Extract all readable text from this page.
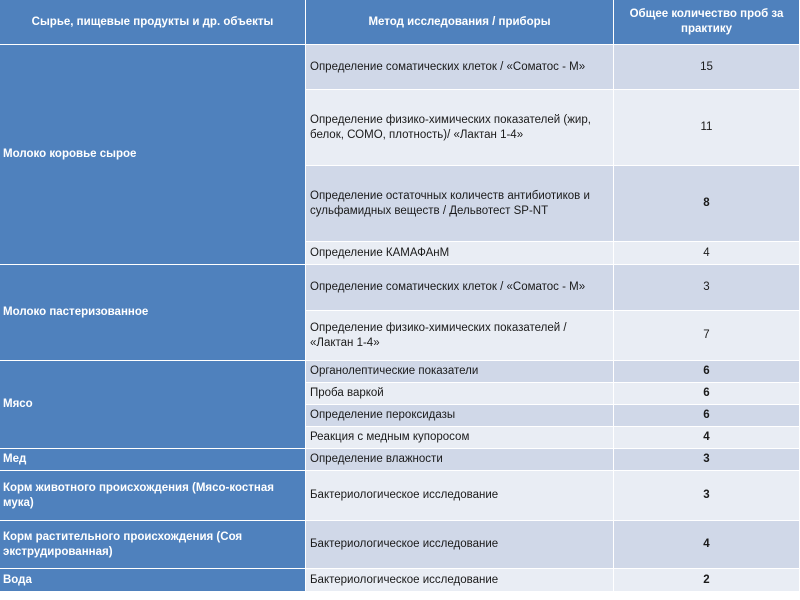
Сырье, пищевые продукты и др. объекты	Метод исследования / приборы	Общее количество проб за практику
Молоко коровье сырое	Определение соматических клеток / «Соматос - М»	15
	Определение физико-химических показателей (жир, белок, СОМО, плотность)/ «Лактан 1-4»	11
	Определение остаточных количеств антибиотиков и сульфамидных веществ / Дельвотест SP-NT	8
	Определение КАМАФАнМ	4
Молоко пастеризованное	Определение соматических клеток / «Соматос - М»	3
	Определение физико-химических показателей / «Лактан 1-4»	7
Мясо	Органолептические показатели	6
	Проба варкой	6
	Определение пероксидазы	6
	Реакция с медным купоросом	4
Мед	Определение влажности	3
Корм животного происхождения (Мясо-костная мука)	Бактериологическое исследование	3
Корм растительного происхождения (Соя экструдированная)	Бактериологическое исследование	4
Вода	Бактериологическое исследование	2
